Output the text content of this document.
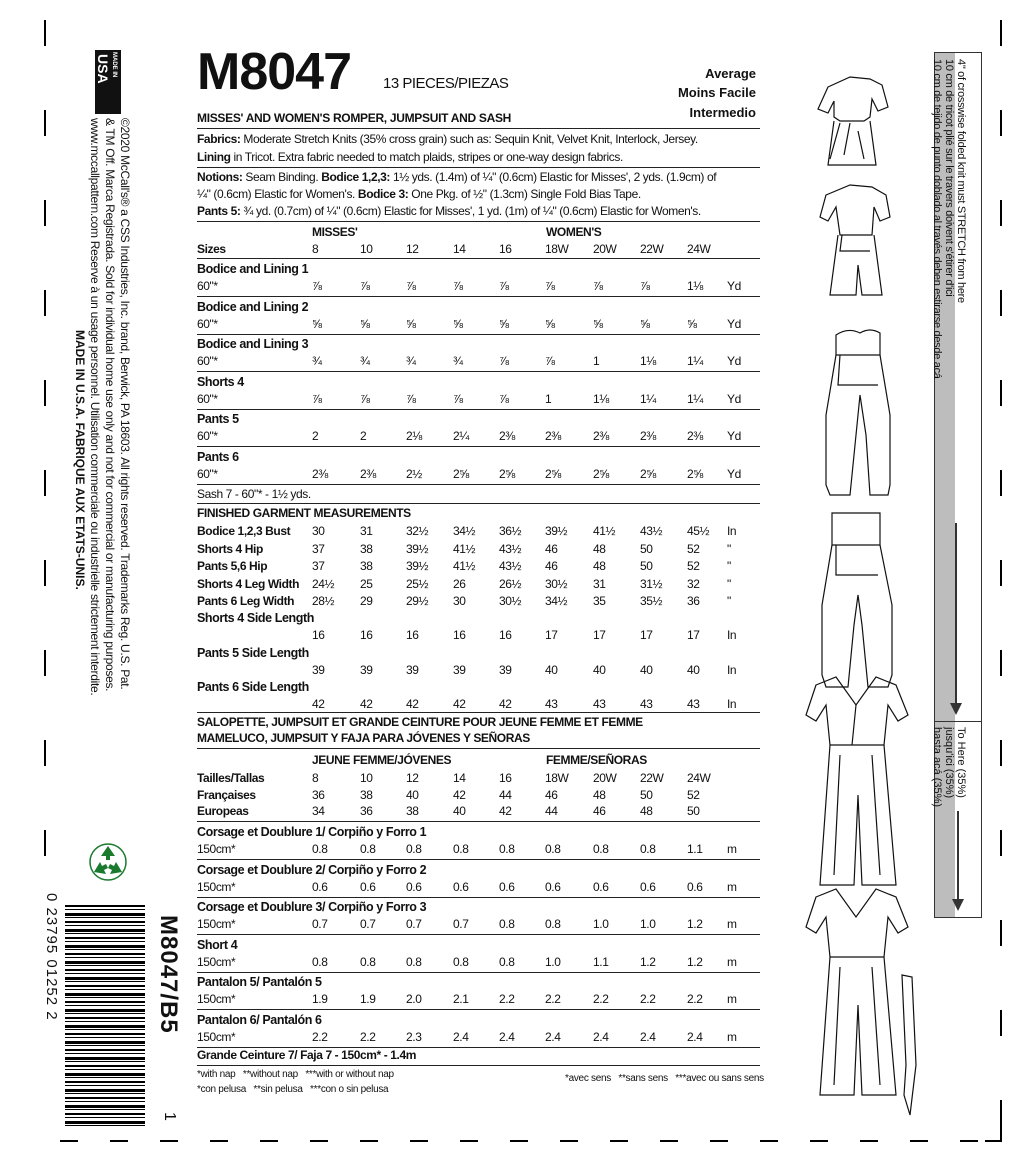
MADE IN
USA
©2020 McCall's® a CSS Industries, Inc. brand, Berwick, PA 18603. All rights reserved. Trademarks Reg. U.S. Pat.
& TM Off. Marca Registrada. Sold for individual home use only and not for commercial or manufacturing purposes.
www.mccallpattern.com Reserve à un usage personnel. Utilisation commerciale ou industrielle strictement interdite.
MADE IN U.S.A. FABRIQUE AUX ETATS-UNIS.
M8047/B5
0 23795 01252 2
1
M8047 13 PIECES/PIEZAS
Average
Moins Facile
Intermedio
MISSES' AND WOMEN'S ROMPER, JUMPSUIT AND SASH
Fabrics: Moderate Stretch Knits (35% cross grain) such as: Sequin Knit, Velvet Knit, Interlock, Jersey.
Lining in Tricot. Extra fabric needed to match plaids, stripes or one-way design fabrics.
Notions: Seam Binding. Bodice 1,2,3: 1½ yds. (1.4m) of ¼" (0.6cm) Elastic for Misses', 2 yds. (1.9cm) of
¼" (0.6cm) Elastic for Women's. Bodice 3: One Pkg. of ½" (1.3cm) Single Fold Bias Tape.
Pants 5: ¾ yd. (0.7cm) of ¼" (0.6cm) Elastic for Misses', 1 yd. (1m) of ¼" (0.6cm) Elastic for Women's.
MISSES'	WOMEN'S
Sizes	8	10	12	14	16	18W 20W 22W 24W
Bodice and Lining 1
60"*	⅞	⅞	⅞	⅞	⅞	⅞	⅞	⅞	1⅛ Yd
Bodice and Lining 2
60"*	⅝	⅝	⅝	⅝	⅝	⅝	⅝	⅝	⅝	Yd
Bodice and Lining 3
60"*	¾	¾	¾	¾	⅞	⅞	1	1⅛	1¼ Yd
Shorts 4
60"*	⅞	⅞	⅞	⅞	⅞	1	1⅛	1¼	1¼ Yd
Pants 5
60"*	2	2	2⅛	2¼	2⅜	2⅜	2⅜	2⅜	2⅜ Yd
Pants 6
60"*	2⅜	2⅜	2½	2⅝	2⅝	2⅝	2⅝	2⅝	2⅝ Yd
Sash 7 - 60"* - 1½ yds.
FINISHED GARMENT MEASUREMENTS
Bodice 1,2,3 Bust 30	31	32½ 34½ 36½ 39½ 41½ 43½ 45½ In
Shorts 4 Hip	37	38	39½ 41½ 43½ 46	48	50	52 "
Pants 5,6 Hip	37	38	39½ 41½ 43½ 46	48	50	52 "
Shorts 4 Leg Width 24½ 25	25½ 26	26½ 30½ 31	31½ 32 "
Pants 6 Leg Width 28½ 29	29½ 30	30½ 34½ 35	35½ 36 "
Shorts 4 Side Length
16	16	16	16	16	17	17	17	17 In
Pants 5 Side Length
39	39	39	39	39	40	40	40	40 In
Pants 6 Side Length
42	42	42	42	42	43	43	43	43 In
SALOPETTE, JUMPSUIT ET GRANDE CEINTURE POUR JEUNE FEMME ET FEMME
MAMELUCO, JUMPSUIT Y FAJA PARA JÓVENES Y SEÑORAS
JEUNE FEMME/JÓVENES	FEMME/SEÑORAS
Tailles/Tallas	8	10	12	14	16	18W 20W 22W 24W
Françaises	36	38	40	42	44	46	48	50	52
Europeas	34	36	38	40	42	44	46	48	50
Corsage et Doublure 1/ Corpiño y Forro 1
150cm*	0.8	0.8	0.8	0.8	0.8	0.8	0.8	0.8	1.1 m
Corsage et Doublure 2/ Corpiño y Forro 2
150cm*	0.6	0.6	0.6	0.6	0.6	0.6	0.6	0.6	0.6 m
Corsage et Doublure 3/ Corpiño y Forro 3
150cm*	0.7	0.7	0.7	0.7	0.8	0.8	1.0	1.0	1.2 m
Short 4
150cm*	0.8	0.8	0.8	0.8	0.8	1.0	1.1	1.2	1.2 m
Pantalon 5/ Pantalón 5
150cm*	1.9	1.9	2.0	2.1	2.2	2.2	2.2	2.2	2.2 m
Pantalon 6/ Pantalón 6
150cm*	2.2	2.2	2.3	2.4	2.4	2.4	2.4	2.4	2.4 m
Grande Ceinture 7/ Faja 7 - 150cm* - 1.4m
*with nap   **without nap   ***with or without nap
*con pelusa   **sin pelusa   ***con o sin pelusa
*avec sens   **sans sens   ***avec ou sans sens
4" of crosswise folded knit must STRETCH from here
10 cm de tricot plié sur le travers doivent s'étirer d'ici
10 cm de tejido de punto doblado al través deben estirarse desde acá
To Here (35%)
jusqu'ici (35%)
hasta acá (35%)
